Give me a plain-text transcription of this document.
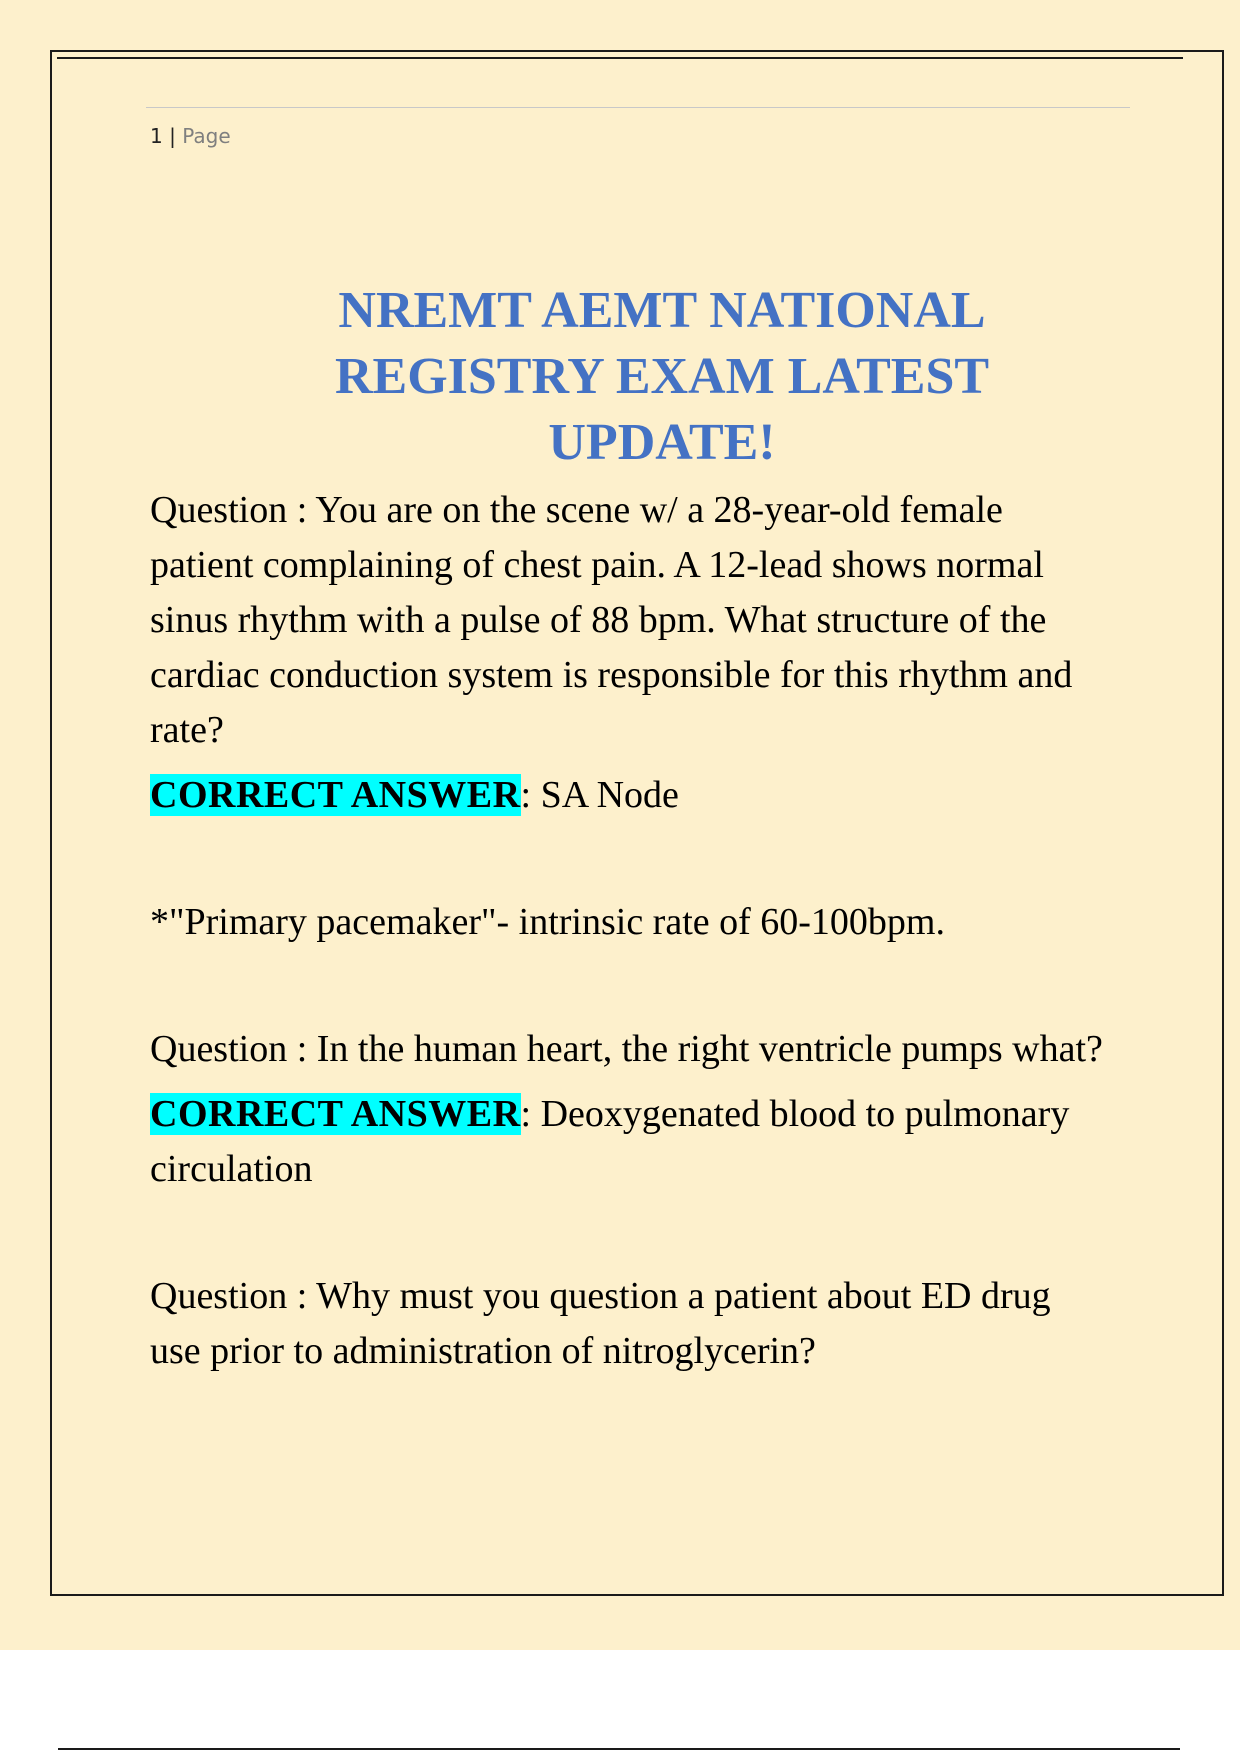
1 | Page
NREMT AEMT NATIONAL
REGISTRY EXAM LATEST
UPDATE!

Question : You are on the scene w/ a 28-year-old female patient complaining of chest pain. A 12-lead shows normal sinus rhythm with a pulse of 88 bpm. What structure of the cardiac conduction system is responsible for this rhythm and rate?

CORRECT ANSWER: SA Node

*"Primary pacemaker"- intrinsic rate of 60-100bpm.

Question : In the human heart, the right ventricle pumps what?

CORRECT ANSWER: Deoxygenated blood to pulmonary circulation

Question : Why must you question a patient about ED drug use prior to administration of nitroglycerin?
